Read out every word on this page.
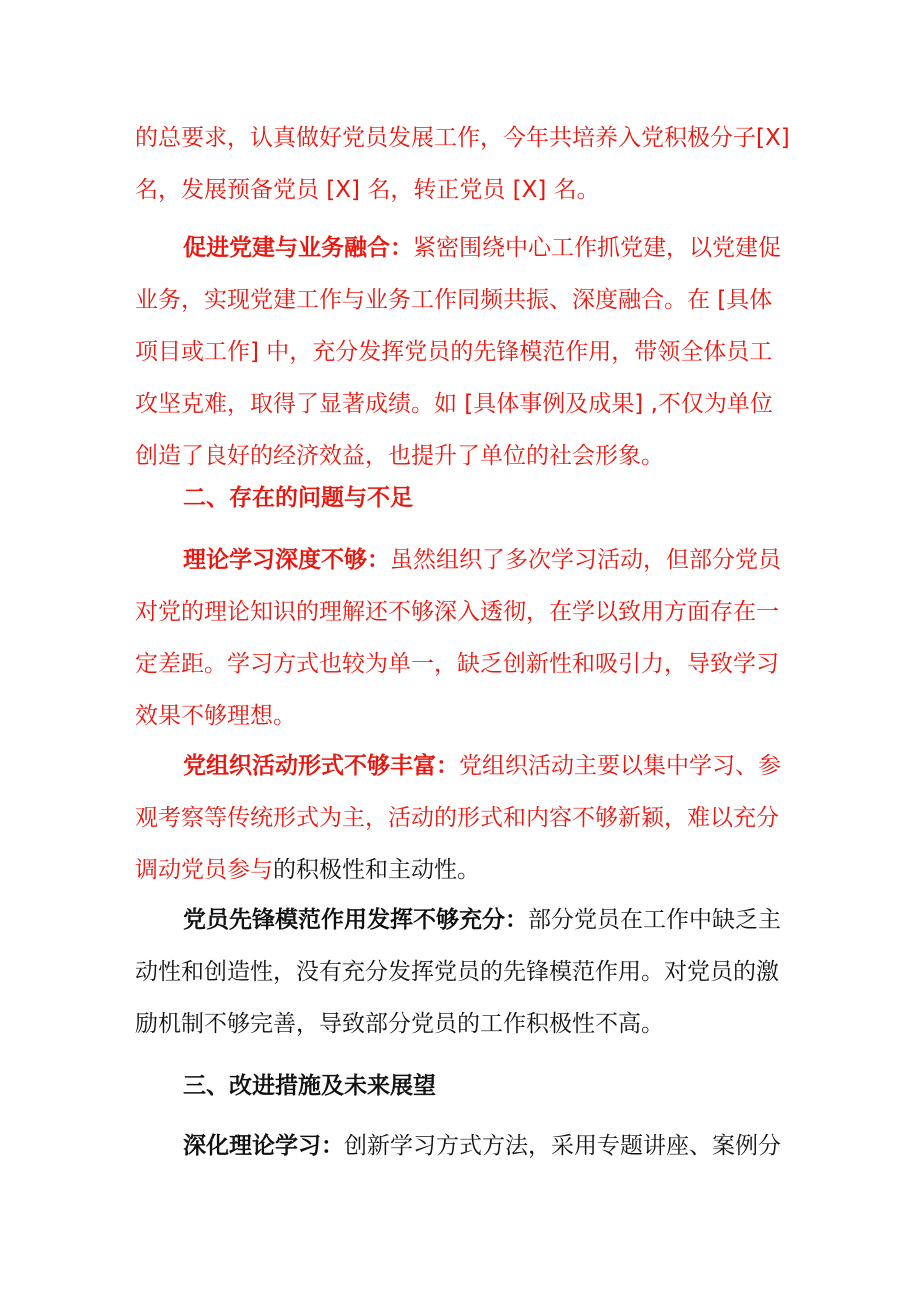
的总要求，认真做好党员发展工作，今年共培养入党积极分子[X]
名，发展预备党员 [X] 名，转正党员 [X] 名。
促进党建与业务融合：紧密围绕中心工作抓党建，以党建促
业务，实现党建工作与业务工作同频共振、深度融合。在 [具体
项目或工作] 中，充分发挥党员的先锋模范作用，带领全体员工
攻坚克难，取得了显著成绩。如 [具体事例及成果] ,不仅为单位
创造了良好的经济效益，也提升了单位的社会形象。
二、存在的问题与不足
理论学习深度不够：虽然组织了多次学习活动，但部分党员
对党的理论知识的理解还不够深入透彻，在学以致用方面存在一
定差距。学习方式也较为单一，缺乏创新性和吸引力，导致学习
效果不够理想。
党组织活动形式不够丰富：党组织活动主要以集中学习、参
观考察等传统形式为主，活动的形式和内容不够新颖，难以充分
调动党员参与的积极性和主动性。
党员先锋模范作用发挥不够充分：部分党员在工作中缺乏主
动性和创造性，没有充分发挥党员的先锋模范作用。对党员的激
励机制不够完善，导致部分党员的工作积极性不高。
三、改进措施及未来展望
深化理论学习：创新学习方式方法，采用专题讲座、案例分
